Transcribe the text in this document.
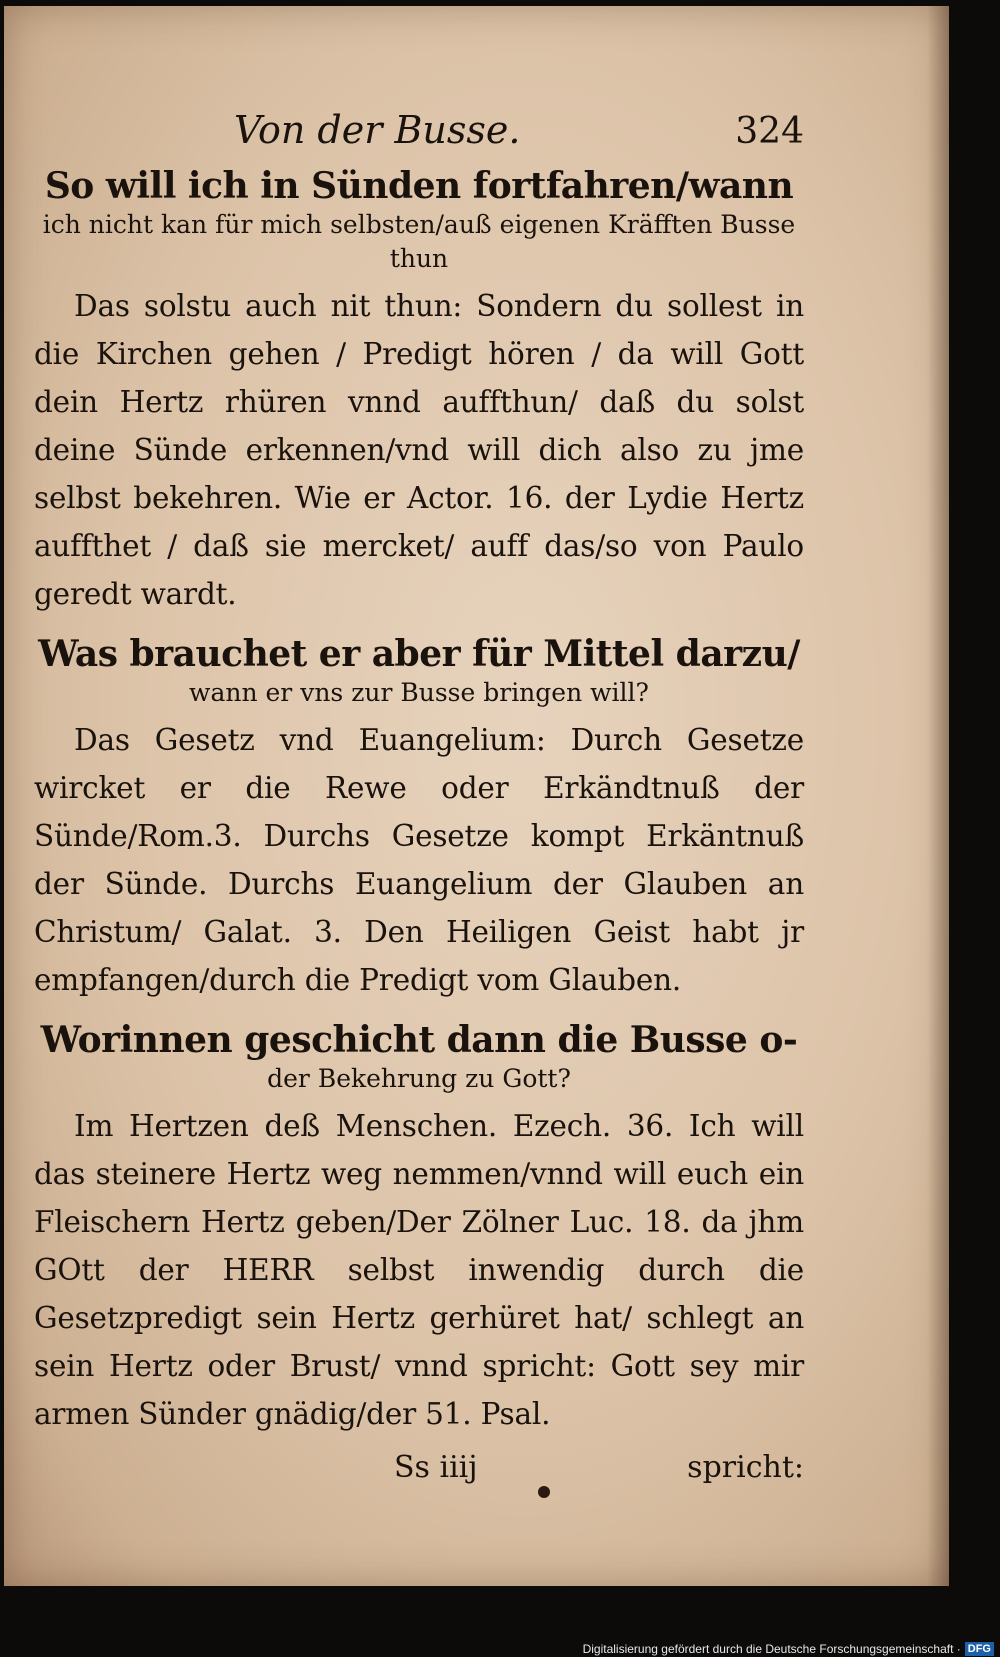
Von der Busse.	324
So will ich in Sünden fortfahren/wann
ich nicht kan für mich selbsten/auß eigenen Kräfften Busse thun
Das solstu auch nit thun: Sondern du sollest in die Kirchen gehen / Predigt hören / da will Gott dein Hertz rhüren vnnd auffthun/ daß du solst deine Sünde erkennen/vnd will dich also zu jme selbst bekehren. Wie er Actor. 16. der Lydie Hertz auffthet / daß sie mercket/ auff das/so von Paulo geredt wardt.
Was brauchet er aber für Mittel darzu/
wann er vns zur Busse bringen will?
Das Gesetz vnd Euangelium: Durch Gesetze wircket er die Rewe oder Erkändtnuß der Sünde/Rom.3. Durchs Gesetze kompt Erkäntnuß der Sünde. Durchs Euangelium der Glauben an Christum/ Galat. 3. Den Heiligen Geist habt jr empfangen/durch die Predigt vom Glauben.
Worinnen geschicht dann die Busse o-
der Bekehrung zu Gott?
Im Hertzen deß Menschen. Ezech. 36. Ich will das steinere Hertz weg nemmen/vnnd will euch ein Fleischern Hertz geben/Der Zölner Luc. 18. da jhm GOtt der HERR selbst inwendig durch die Gesetzpredigt sein Hertz gerhüret hat/ schlegt an sein Hertz oder Brust/ vnnd spricht: Gott sey mir armen Sünder gnädig/der 51. Psal.
Ss iiij	spricht:
Digitalisierung gefördert durch die Deutsche Forschungsgemeinschaft · DFG
